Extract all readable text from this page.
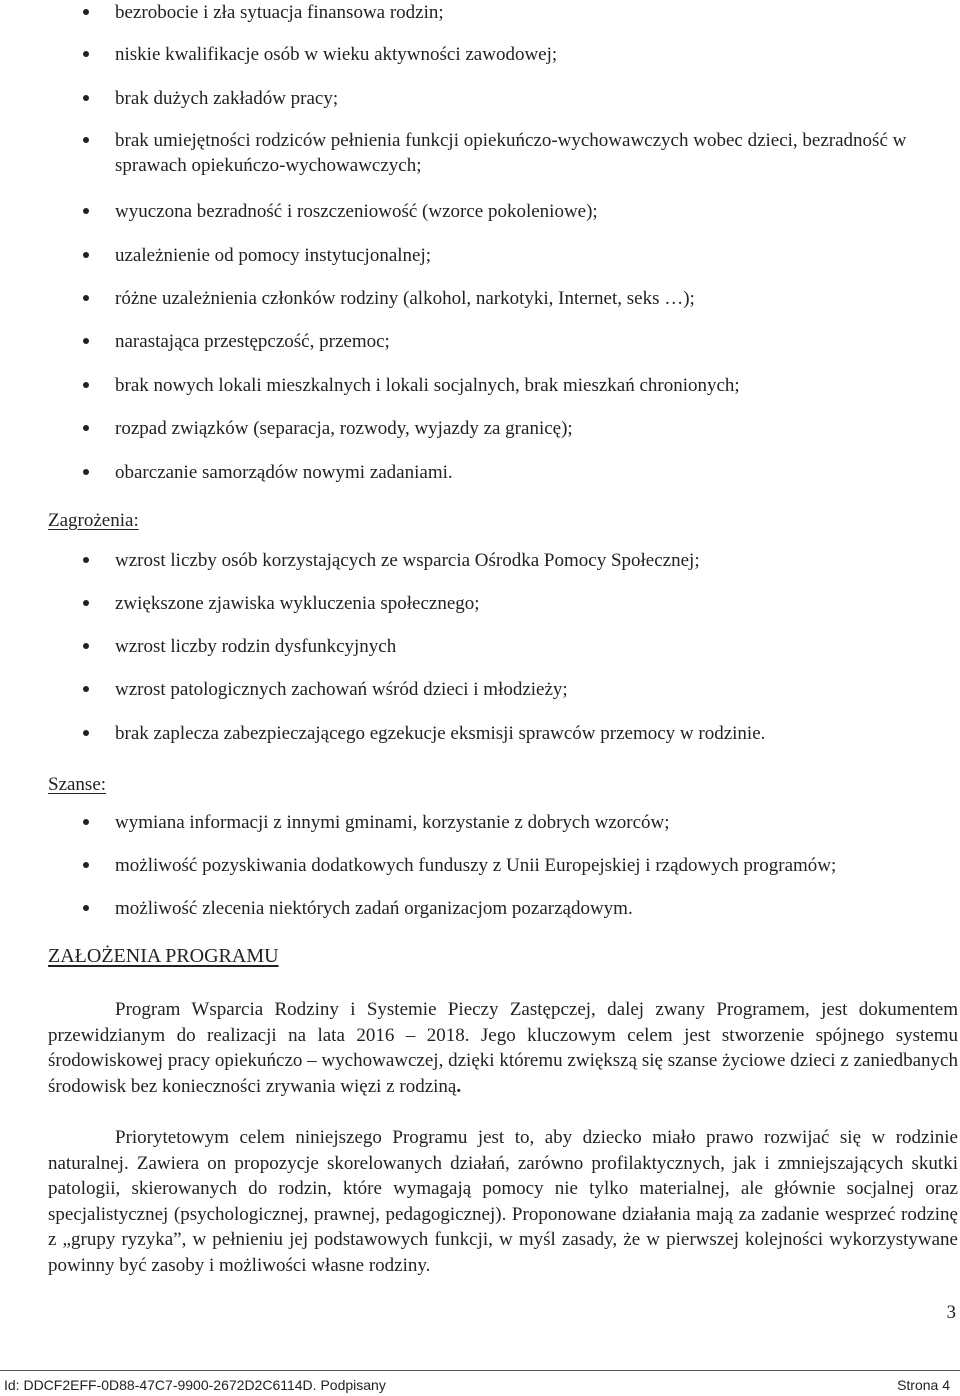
bezrobocie i zła sytuacja finansowa rodzin;
niskie kwalifikacje osób w wieku aktywności zawodowej;
brak dużych zakładów pracy;
brak umiejętności rodziców pełnienia funkcji opiekuńczo-wychowawczych wobec dzieci, bezradność w sprawach opiekuńczo-wychowawczych;
wyuczona bezradność i roszczeniowość (wzorce pokoleniowe);
uzależnienie od pomocy instytucjonalnej;
różne uzależnienia członków rodziny (alkohol, narkotyki, Internet, seks …);
narastająca przestępczość, przemoc;
brak nowych lokali mieszkalnych i lokali socjalnych, brak mieszkań chronionych;
rozpad związków (separacja, rozwody, wyjazdy za granicę);
obarczanie samorządów nowymi zadaniami.
Zagrożenia:
wzrost liczby osób korzystających ze wsparcia Ośrodka Pomocy Społecznej;
zwiększone zjawiska wykluczenia społecznego;
wzrost liczby rodzin dysfunkcyjnych
wzrost patologicznych zachowań wśród dzieci i młodzieży;
brak zaplecza zabezpieczającego egzekucje eksmisji sprawców przemocy w rodzinie.
Szanse:
wymiana informacji z innymi gminami, korzystanie z dobrych wzorców;
możliwość pozyskiwania dodatkowych funduszy z Unii Europejskiej i rządowych programów;
możliwość zlecenia niektórych zadań organizacjom pozarządowym.
ZAŁOŻENIA PROGRAMU

Program Wsparcia Rodziny i Systemie Pieczy Zastępczej, dalej zwany Programem, jest dokumentem przewidzianym do realizacji na lata 2016 – 2018. Jego kluczowym celem jest stworzenie spójnego systemu środowiskowej pracy opiekuńczo – wychowawczej, dzięki któremu zwiększą się szanse życiowe dzieci z zaniedbanych środowisk bez konieczności zrywania więzi z rodziną.

Priorytetowym celem niniejszego Programu jest to, aby dziecko miało prawo rozwijać się w rodzinie naturalnej. Zawiera on propozycje skorelowanych działań, zarówno profilaktycznych, jak i zmniejszających skutki patologii, skierowanych do rodzin, które wymagają pomocy nie tylko materialnej, ale głównie socjalnej oraz specjalistycznej (psychologicznej, prawnej, pedagogicznej). Proponowane działania mają za zadanie wesprzeć rodzinę z „grupy ryzyka”, w pełnieniu jej podstawowych funkcji, w myśl zasady, że w pierwszej kolejności wykorzystywane powinny być zasoby i możliwości własne rodziny.

3
Id: DDCF2EFF-0D88-47C7-9900-2672D2C6114D. Podpisany	Strona 4
